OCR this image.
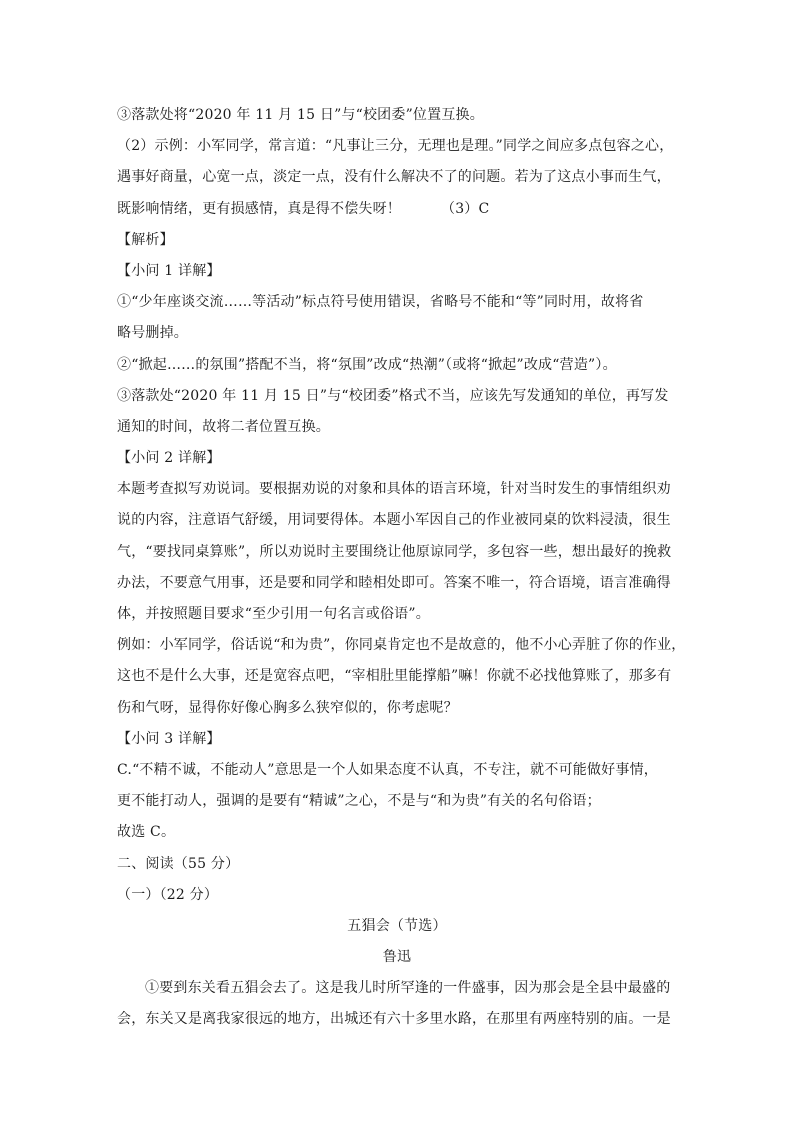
③落款处将“2020 年 11 月 15 日”与“校团委”位置互换。
（2）示例：小军同学，常言道：“凡事让三分，无理也是理。”同学之间应多点包容之心，
遇事好商量，心宽一点，淡定一点，没有什么解决不了的问题。若为了这点小事而生气，
既影响情绪，更有损感情，真是得不偿失呀！	（3）C
【解析】
【小问 1 详解】
①“少年座谈交流……等活动”标点符号使用错误，省略号不能和“等”同时用，故将省
略号删掉。
②“掀起……的氛围”搭配不当，将“氛围”改成“热潮”（或将“掀起”改成“营造”）。
③落款处“2020 年 11 月 15 日”与“校团委”格式不当，应该先写发通知的单位，再写发
通知的时间，故将二者位置互换。
【小问 2 详解】
本题考查拟写劝说词。要根据劝说的对象和具体的语言环境，针对当时发生的事情组织劝
说的内容，注意语气舒缓，用词要得体。本题小军因自己的作业被同桌的饮料浸渍，很生
气，“要找同桌算账”，所以劝说时主要围绕让他原谅同学，多包容一些，想出最好的挽救
办法，不要意气用事，还是要和同学和睦相处即可。答案不唯一，符合语境，语言准确得
体，并按照题目要求“至少引用一句名言或俗语”。
例如：小军同学，俗话说“和为贵”，你同桌肯定也不是故意的，他不小心弄脏了你的作业，
这也不是什么大事，还是宽容点吧，“宰相肚里能撑船”嘛！你就不必找他算账了，那多有
伤和气呀，显得你好像心胸多么狭窄似的，你考虑呢？
【小问 3 详解】
C.“不精不诚，不能动人”意思是一个人如果态度不认真，不专注，就不可能做好事情，
更不能打动人，强调的是要有“精诚”之心，不是与“和为贵”有关的名句俗语；
故选 C。
二、阅读（55 分）
（一）（22 分）
五猖会（节选）
鲁迅
①要到东关看五猖会去了。这是我儿时所罕逢的一件盛事，因为那会是全县中最盛的
会，东关又是离我家很远的地方，出城还有六十多里水路，在那里有两座特别的庙。一是
